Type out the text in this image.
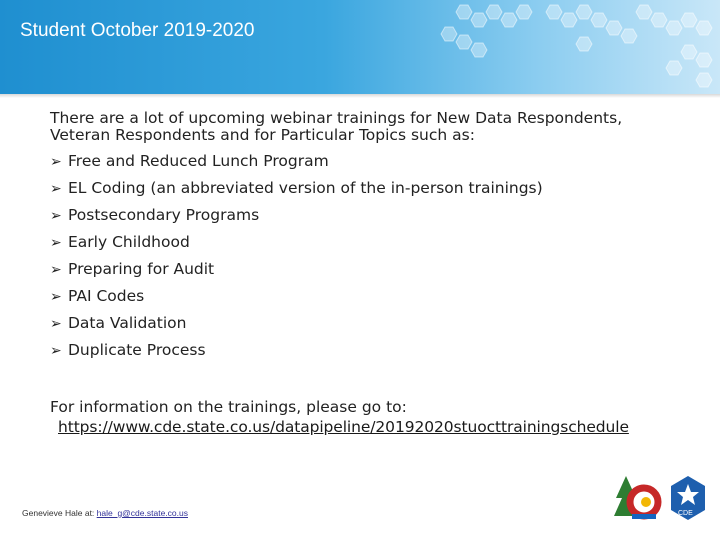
Student October 2019-2020

There are a lot of upcoming webinar trainings for New Data Respondents, Veteran Respondents and for Particular Topics such as:

➢ Free and Reduced Lunch Program
➢ EL Coding (an abbreviated version of the in-person trainings)
➢ Postsecondary Programs
➢ Early Childhood
➢ Preparing for Audit
➢ PAI Codes
➢ Data Validation
➢ Duplicate Process
For information on the trainings, please go to:
https://www.cde.state.co.us/datapipeline/20192020stuocttrainingschedule
Genevieve Hale at: hale_g@cde.state.co.us	CDE
